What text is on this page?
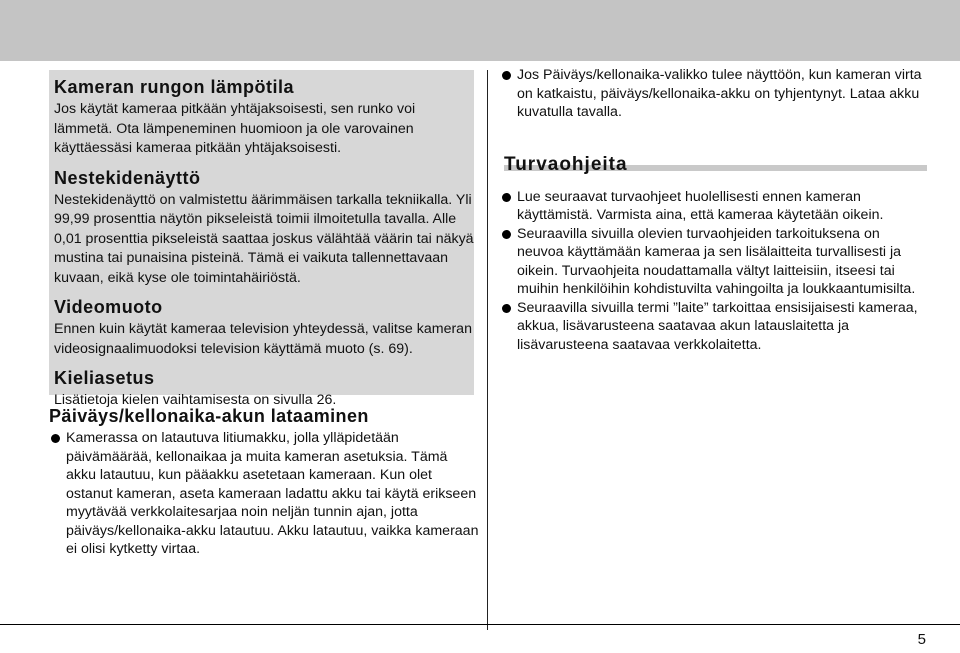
Kameran rungon lämpötila

Jos käytät kameraa pitkään yhtäjaksoisesti, sen runko voi lämmetä. Ota lämpeneminen huomioon ja ole varovainen käyttäessäsi kameraa pitkään yhtäjaksoisesti.

Nestekidenäyttö

Nestekidenäyttö on valmistettu äärimmäisen tarkalla tekniikalla. Yli 99,99 prosenttia näytön pikseleistä toimii ilmoitetulla tavalla. Alle 0,01 prosenttia pikseleistä saattaa joskus välähtää väärin tai näkyä mustina tai punaisina pisteinä. Tämä ei vaikuta tallennettavaan kuvaan, eikä kyse ole toimintahäiriöstä.

Videomuoto

Ennen kuin käytät kameraa television yhteydessä, valitse kameran videosignaalimuodoksi television käyttämä muoto (s. 69).

Kieliasetus

Lisätietoja kielen vaihtamisesta on sivulla 26.

Päiväys/kellonaika-akun lataaminen
Kamerassa on latautuva litiumakku, jolla ylläpidetään päivämäärää, kellonaikaa ja muita kameran asetuksia. Tämä akku latautuu, kun pääakku asetetaan kameraan. Kun olet ostanut kameran, aseta kameraan ladattu akku tai käytä erikseen myytävää verkkolaitesarjaa noin neljän tunnin ajan, jotta päiväys/kellonaika-akku latautuu. Akku latautuu, vaikka kameraan ei olisi kytketty virtaa.
Jos Päiväys/kellonaika-valikko tulee näyttöön, kun kameran virta on katkaistu, päiväys/kellonaika-akku on tyhjentynyt. Lataa akku kuvatulla tavalla.
Turvaohjeita
Lue seuraavat turvaohjeet huolellisesti ennen kameran käyttämistä. Varmista aina, että kameraa käytetään oikein.
Seuraavilla sivuilla olevien turvaohjeiden tarkoituksena on neuvoa käyttämään kameraa ja sen lisälaitteita turvallisesti ja oikein. Turvaohjeita noudattamalla vältyt laitteisiin, itseesi tai muihin henkilöihin kohdistuvilta vahingoilta ja loukkaantumisilta.
Seuraavilla sivuilla termi ”laite” tarkoittaa ensisijaisesti kameraa, akkua, lisävarusteena saatavaa akun latauslaitetta ja lisävarusteena saatavaa verkkolaitetta.
5
